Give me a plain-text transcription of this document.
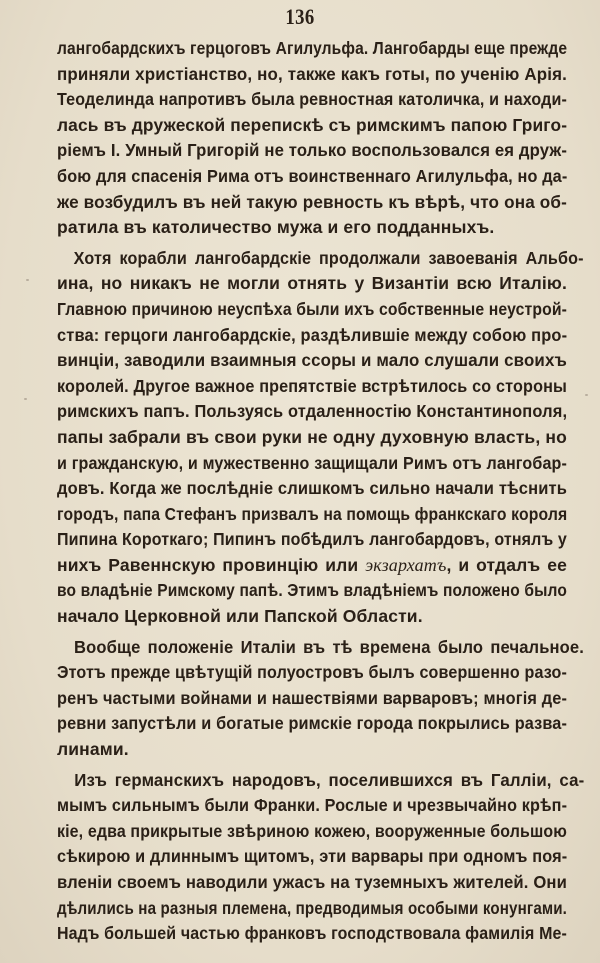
136
лангобардскихъ герцоговъ Агилульфа. Лангобарды еще прежде
приняли христіанство, но, также какъ готы, по ученію Арія.
Теоделинда напротивъ была ревностная католичка, и находи-
лась въ дружеской перепискѣ съ римскимъ папою Григо-
ріемъ I. Умный Григорій не только воспользовался ея друж-
бою для спасенія Рима отъ воинственнаго Агилульфа, но да-
же возбудилъ въ ней такую ревность къ вѣрѣ, что она об-
ратила въ католичество мужа и его подданныхъ.
Хотя корабли лангобардскіе продолжали завоеванія Альбо-
ина, но никакъ не могли отнять у Византіи всю Италію.
Главною причиною неуспѣха были ихъ собственные неустрой-
ства: герцоги лангобардскіе, раздѣлившіе между собою про-
винціи, заводили взаимныя ссоры и мало слушали своихъ
королей. Другое важное препятствіе встрѣтилось со стороны
римскихъ папъ. Пользуясь отдаленностію Константинополя,
папы забрали въ свои руки не одну духовную власть, но
и гражданскую, и мужественно защищали Римъ отъ лангобар-
довъ. Когда же послѣдніе слишкомъ сильно начали тѣснить
городъ, папа Стефанъ призвалъ на помощь франкскаго короля
Пипина Короткаго; Пипинъ побѣдилъ лангобардовъ, отнялъ у
нихъ Равеннскую провинцію или экзархатъ, и отдалъ ее
во владѣніе Римскому папѣ. Этимъ владѣніемъ положено было
начало Церковной или Папской Области.
Вообще положеніе Италіи въ тѣ времена было печальное.
Этотъ прежде цвѣтущій полуостровъ былъ совершенно разо-
ренъ частыми войнами и нашествіями варваровъ; многія де-
ревни запустѣли и богатые римскіе города покрылись разва-
линами.
Изъ германскихъ народовъ, поселившихся въ Галліи, са-
мымъ сильнымъ были Франки. Рослые и чрезвычайно крѣп-
кіе, едва прикрытые звѣриною кожею, вооруженные большою
сѣкирою и длиннымъ щитомъ, эти варвары при одномъ поя-
вленіи своемъ наводили ужасъ на туземныхъ жителей. Они
дѣлились на разныя племена, предводимыя особыми конунгами.
Надъ большей частью франковъ господствовала фамилія Ме-
